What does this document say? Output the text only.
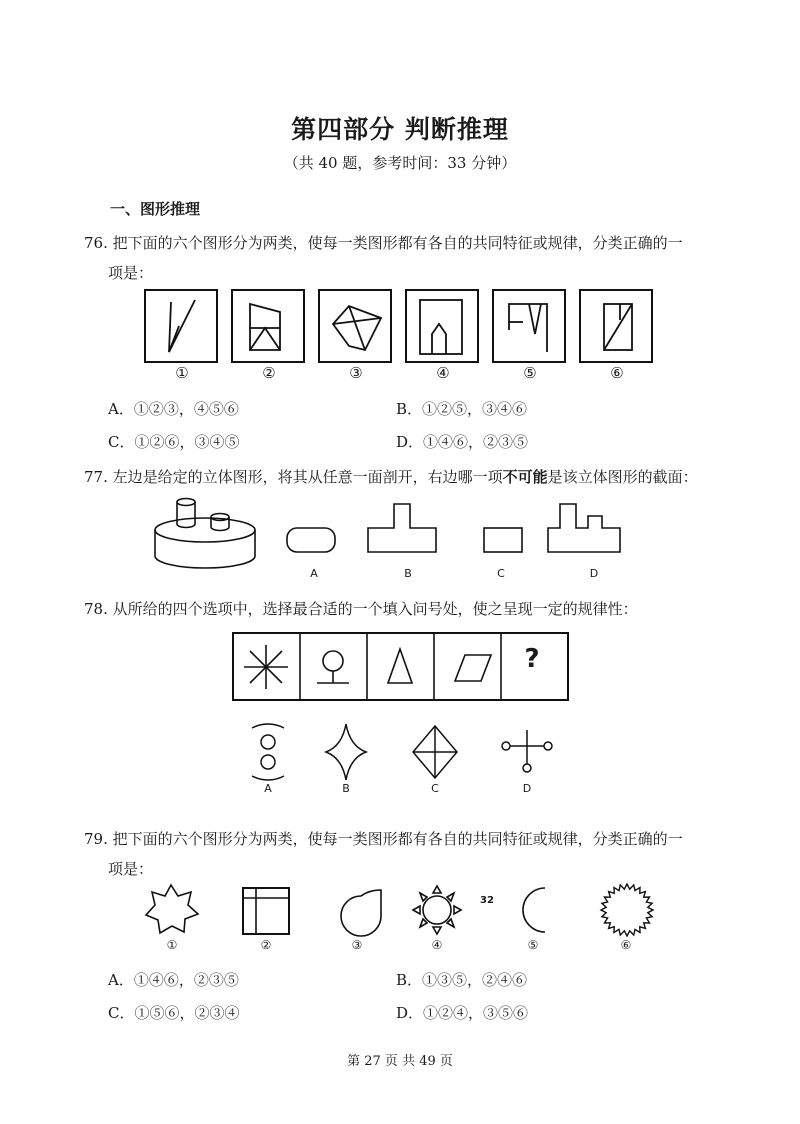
第四部分 判断推理
（共 40 题，参考时间：33 分钟）
一、图形推理
76. 把下面的六个图形分为两类，使每一类图形都有各自的共同特征或规律，分类正确的一
项是：
①	②	③	④	⑤	⑥
A．①②③，④⑤⑥	B．①②⑤，③④⑥
C．①②⑥，③④⑤	D．①④⑥，②③⑤
77. 左边是给定的立体图形，将其从任意一面剖开，右边哪一项不可能是该立体图形的截面：
A	B	C	D
78. 从所给的四个选项中，选择最合适的一个填入问号处，使之呈现一定的规律性：
?
A	B	C	D
79. 把下面的六个图形分为两类，使每一类图形都有各自的共同特征或规律，分类正确的一
项是：
32
①	②	③	④	⑤	⑥
A．①④⑥，②③⑤	B．①③⑤，②④⑥
C．①⑤⑥，②③④	D．①②④，③⑤⑥
第 27 页 共 49 页
